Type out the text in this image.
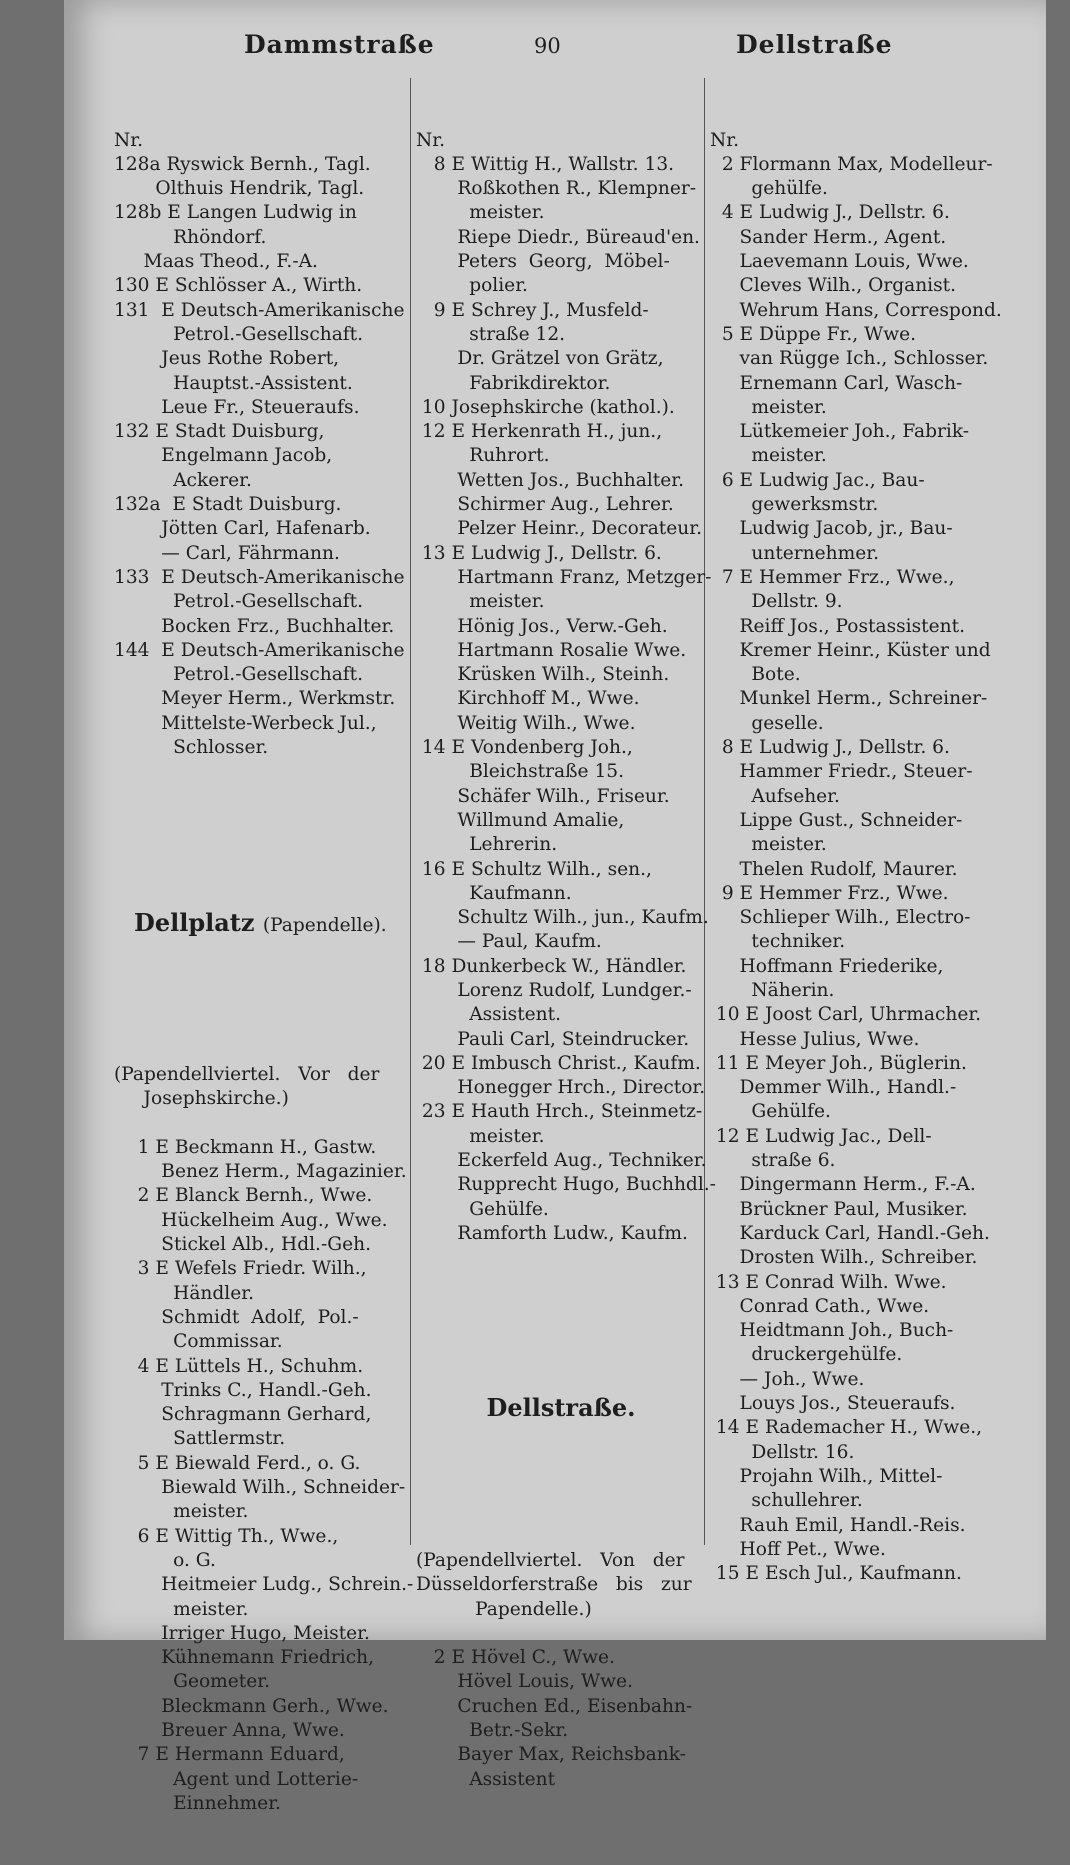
Dammstraße	90	Dellstraße

Nr.
128a Ryswick Bernh., Tagl.
Olthuis Hendrik, Tagl.
128b E Langen Ludwig in
Rhöndorf.
Maas Theod., F.-A.
130 E Schlösser A., Wirth.
131  E Deutsch-Amerikanische
Petrol.-Gesellschaft.
Jeus Rothe Robert,
Hauptst.-Assistent.
Leue Fr., Steueraufs.
132 E Stadt Duisburg,
Engelmann Jacob,
Ackerer.
132a  E Stadt Duisburg.
Jötten Carl, Hafenarb.
— Carl, Fährmann.
133  E Deutsch-Amerikanische
Petrol.-Gesellschaft.
Bocken Frz., Buchhalter.
144  E Deutsch-Amerikanische
Petrol.-Gesellschaft.
Meyer Herm., Werkmstr.
Mittelste-Werbeck Jul.,
Schlosser.

Dellplatz (Papendelle).

(Papendellviertel.   Vor   der
Josephskirche.)
1 E Beckmann H., Gastw.
Benez Herm., Magazinier.
2 E Blanck Bernh., Wwe.
Hückelheim Aug., Wwe.
Stickel Alb., Hdl.-Geh.
3 E Wefels Friedr. Wilh.,
Händler.
Schmidt  Adolf,  Pol.-
Commissar.
4 E Lüttels H., Schuhm.
Trinks C., Handl.-Geh.
Schragmann Gerhard,
Sattlermstr.
5 E Biewald Ferd., o. G.
Biewald Wilh., Schneider-
meister.
6 E Wittig Th., Wwe.,
o. G.
Heitmeier Ludg., Schrein.-
meister.
Irriger Hugo, Meister.
Kühnemann Friedrich,
Geometer.
Bleckmann Gerh., Wwe.
Breuer Anna, Wwe.
7 E Hermann Eduard,
Agent und Lotterie-
Einnehmer.

Nr.
8 E Wittig H., Wallstr. 13.
Roßkothen R., Klempner-
meister.
Riepe Diedr., Büreaud'en.
Peters  Georg,  Möbel-
polier.
9 E Schrey J., Musfeld-
straße 12.
Dr. Grätzel von Grätz,
Fabrikdirektor.
10 Josephskirche (kathol.).
12 E Herkenrath H., jun.,
Ruhrort.
Wetten Jos., Buchhalter.
Schirmer Aug., Lehrer.
Pelzer Heinr., Decorateur.
13 E Ludwig J., Dellstr. 6.
Hartmann Franz, Metzger-
meister.
Hönig Jos., Verw.-Geh.
Hartmann Rosalie Wwe.
Krüsken Wilh., Steinh.
Kirchhoff M., Wwe.
Weitig Wilh., Wwe.
14 E Vondenberg Joh.,
Bleichstraße 15.
Schäfer Wilh., Friseur.
Willmund Amalie,
Lehrerin.
16 E Schultz Wilh., sen.,
Kaufmann.
Schultz Wilh., jun., Kaufm.
— Paul, Kaufm.
18 Dunkerbeck W., Händler.
Lorenz Rudolf, Lundger.-
Assistent.
Pauli Carl, Steindrucker.
20 E Imbusch Christ., Kaufm.
Honegger Hrch., Director.
23 E Hauth Hrch., Steinmetz-
meister.
Eckerfeld Aug., Techniker.
Rupprecht Hugo, Buchhdl.-
Gehülfe.
Ramforth Ludw., Kaufm.

Dellstraße.

(Papendellviertel.   Von   der
Düsseldorferstraße   bis   zur
Papendelle.)
2 E Hövel C., Wwe.
Hövel Louis, Wwe.
Cruchen Ed., Eisenbahn-
Betr.-Sekr.
Bayer Max, Reichsbank-
Assistent

Nr.
2 Flormann Max, Modelleur-
gehülfe.
4 E Ludwig J., Dellstr. 6.
Sander Herm., Agent.
Laevemann Louis, Wwe.
Cleves Wilh., Organist.
Wehrum Hans, Correspond.
5 E Düppe Fr., Wwe.
van Rügge Ich., Schlosser.
Ernemann Carl, Wasch-
meister.
Lütkemeier Joh., Fabrik-
meister.
6 E Ludwig Jac., Bau-
gewerksmstr.
Ludwig Jacob, jr., Bau-
unternehmer.
7 E Hemmer Frz., Wwe.,
Dellstr. 9.
Reiff Jos., Postassistent.
Kremer Heinr., Küster und
Bote.
Munkel Herm., Schreiner-
geselle.
8 E Ludwig J., Dellstr. 6.
Hammer Friedr., Steuer-
Aufseher.
Lippe Gust., Schneider-
meister.
Thelen Rudolf, Maurer.
9 E Hemmer Frz., Wwe.
Schlieper Wilh., Electro-
techniker.
Hoffmann Friederike,
Näherin.
10 E Joost Carl, Uhrmacher.
Hesse Julius, Wwe.
11 E Meyer Joh., Büglerin.
Demmer Wilh., Handl.-
Gehülfe.
12 E Ludwig Jac., Dell-
straße 6.
Dingermann Herm., F.-A.
Brückner Paul, Musiker.
Karduck Carl, Handl.-Geh.
Drosten Wilh., Schreiber.
13 E Conrad Wilh. Wwe.
Conrad Cath., Wwe.
Heidtmann Joh., Buch-
druckergehülfe.
— Joh., Wwe.
Louys Jos., Steueraufs.
14 E Rademacher H., Wwe.,
Dellstr. 16.
Projahn Wilh., Mittel-
schullehrer.
Rauh Emil, Handl.-Reis.
Hoff Pet., Wwe.
15 E Esch Jul., Kaufmann.
